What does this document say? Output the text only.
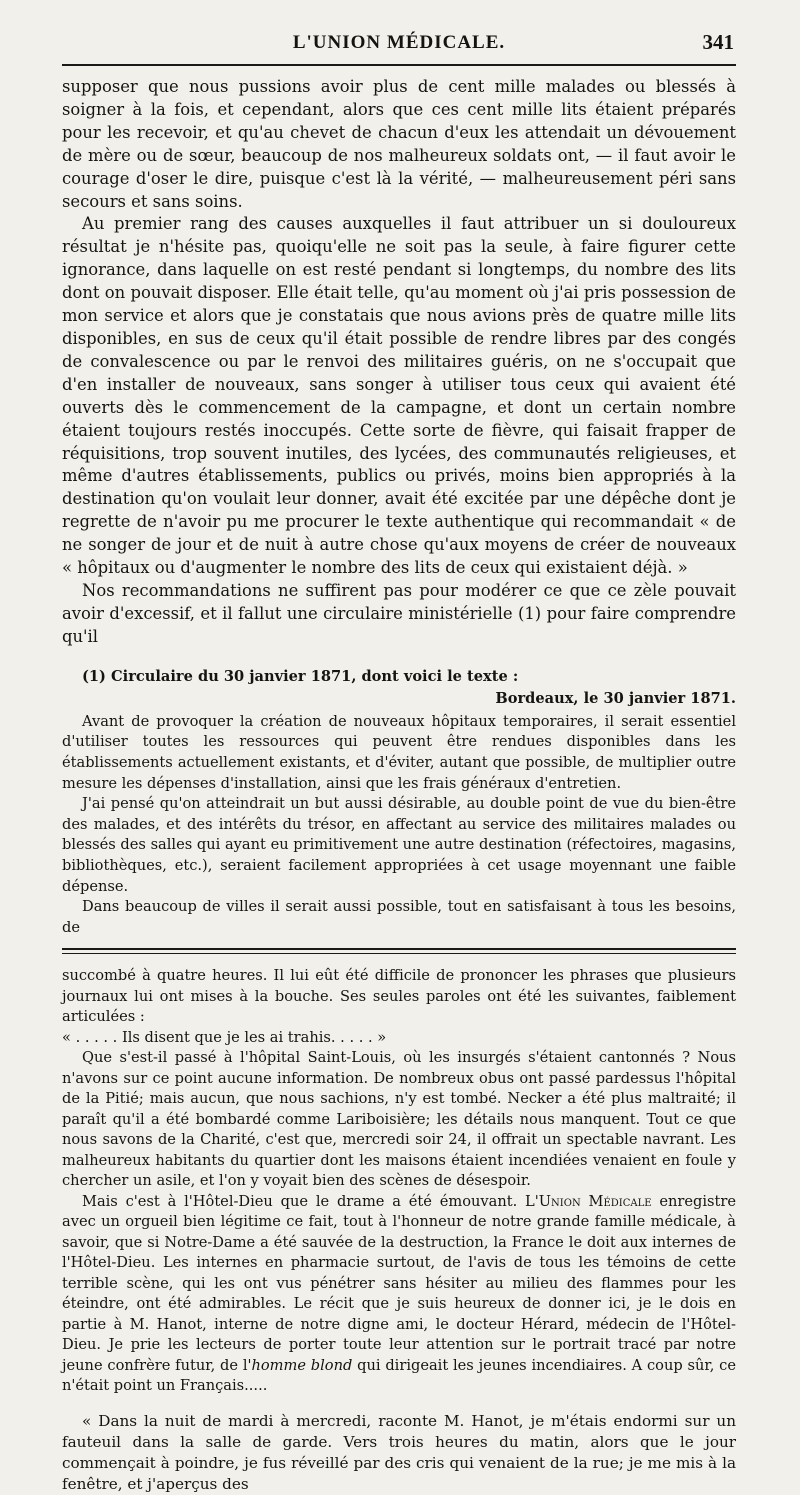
L'UNION MÉDICALE.	341

supposer que nous pussions avoir plus de cent mille malades ou blessés à soigner à la fois, et cependant, alors que ces cent mille lits étaient préparés pour les recevoir, et qu'au chevet de chacun d'eux les attendait un dévouement de mère ou de sœur, beaucoup de nos malheureux soldats ont, — il faut avoir le courage d'oser le dire, puisque c'est là la vérité, — malheureusement péri sans secours et sans soins.

Au premier rang des causes auxquelles il faut attribuer un si douloureux résultat je n'hésite pas, quoiqu'elle ne soit pas la seule, à faire figurer cette ignorance, dans laquelle on est resté pendant si longtemps, du nombre des lits dont on pouvait disposer. Elle était telle, qu'au moment où j'ai pris possession de mon service et alors que je constatais que nous avions près de quatre mille lits disponibles, en sus de ceux qu'il était possible de rendre libres par des congés de convalescence ou par le renvoi des militaires guéris, on ne s'occupait que d'en installer de nouveaux, sans songer à utiliser tous ceux qui avaient été ouverts dès le commencement de la campagne, et dont un certain nombre étaient toujours restés inoccupés. Cette sorte de fièvre, qui faisait frapper de réquisitions, trop souvent inutiles, des lycées, des communautés religieuses, et même d'autres établissements, publics ou privés, moins bien appropriés à la destination qu'on voulait leur donner, avait été excitée par une dépêche dont je regrette de n'avoir pu me procurer le texte authentique qui recommandait « de ne songer de jour et de nuit à autre chose qu'aux moyens de créer de nouveaux « hôpitaux ou d'augmenter le nombre des lits de ceux qui existaient déjà. »

Nos recommandations ne suffirent pas pour modérer ce que ce zèle pouvait avoir d'excessif, et il fallut une circulaire ministérielle (1) pour faire comprendre qu'il

(1) Circulaire du 30 janvier 1871, dont voici le texte :
Bordeaux, le 30 janvier 1871.

Avant de provoquer la création de nouveaux hôpitaux temporaires, il serait essentiel d'utiliser toutes les ressources qui peuvent être rendues disponibles dans les établissements actuellement existants, et d'éviter, autant que possible, de multiplier outre mesure les dépenses d'installation, ainsi que les frais généraux d'entretien.

J'ai pensé qu'on atteindrait un but aussi désirable, au double point de vue du bien-être des malades, et des intérêts du trésor, en affectant au service des militaires malades ou blessés des salles qui ayant eu primitivement une autre destination (réfectoires, magasins, bibliothèques, etc.), seraient facilement appropriées à cet usage moyennant une faible dépense.

Dans beaucoup de villes il serait aussi possible, tout en satisfaisant à tous les besoins, de

succombé à quatre heures. Il lui eût été difficile de prononcer les phrases que plusieurs journaux lui ont mises à la bouche. Ses seules paroles ont été les suivantes, faiblement articulées :

« . . . . . Ils disent que je les ai trahis. . . . . »

Que s'est-il passé à l'hôpital Saint-Louis, où les insurgés s'étaient cantonnés ? Nous n'avons sur ce point aucune information. De nombreux obus ont passé pardessus l'hôpital de la Pitié; mais aucun, que nous sachions, n'y est tombé. Necker a été plus maltraité; il paraît qu'il a été bombardé comme Lariboisière; les détails nous manquent. Tout ce que nous savons de la Charité, c'est que, mercredi soir 24, il offrait un spectable navrant. Les malheureux habitants du quartier dont les maisons étaient incendiées venaient en foule y chercher un asile, et l'on y voyait bien des scènes de désespoir.

Mais c'est à l'Hôtel-Dieu que le drame a été émouvant. L'Union Médicale enregistre avec un orgueil bien légitime ce fait, tout à l'honneur de notre grande famille médicale, à savoir, que si Notre-Dame a été sauvée de la destruction, la France le doit aux internes de l'Hôtel-Dieu. Les internes en pharmacie surtout, de l'avis de tous les témoins de cette terrible scène, qui les ont vus pénétrer sans hésiter au milieu des flammes pour les éteindre, ont été admirables. Le récit que je suis heureux de donner ici, je le dois en partie à M. Hanot, interne de notre digne ami, le docteur Hérard, médecin de l'Hôtel-Dieu. Je prie les lecteurs de porter toute leur attention sur le portrait tracé par notre jeune confrère futur, de l'homme blond qui dirigeait les jeunes incendiaires. A coup sûr, ce n'était point un Français.....

« Dans la nuit de mardi à mercredi, raconte M. Hanot, je m'étais endormi sur un fauteuil dans la salle de garde. Vers trois heures du matin, alors que le jour commençait à poindre, je fus réveillé par des cris qui venaient de la rue; je me mis à la fenêtre, et j'aperçus des
